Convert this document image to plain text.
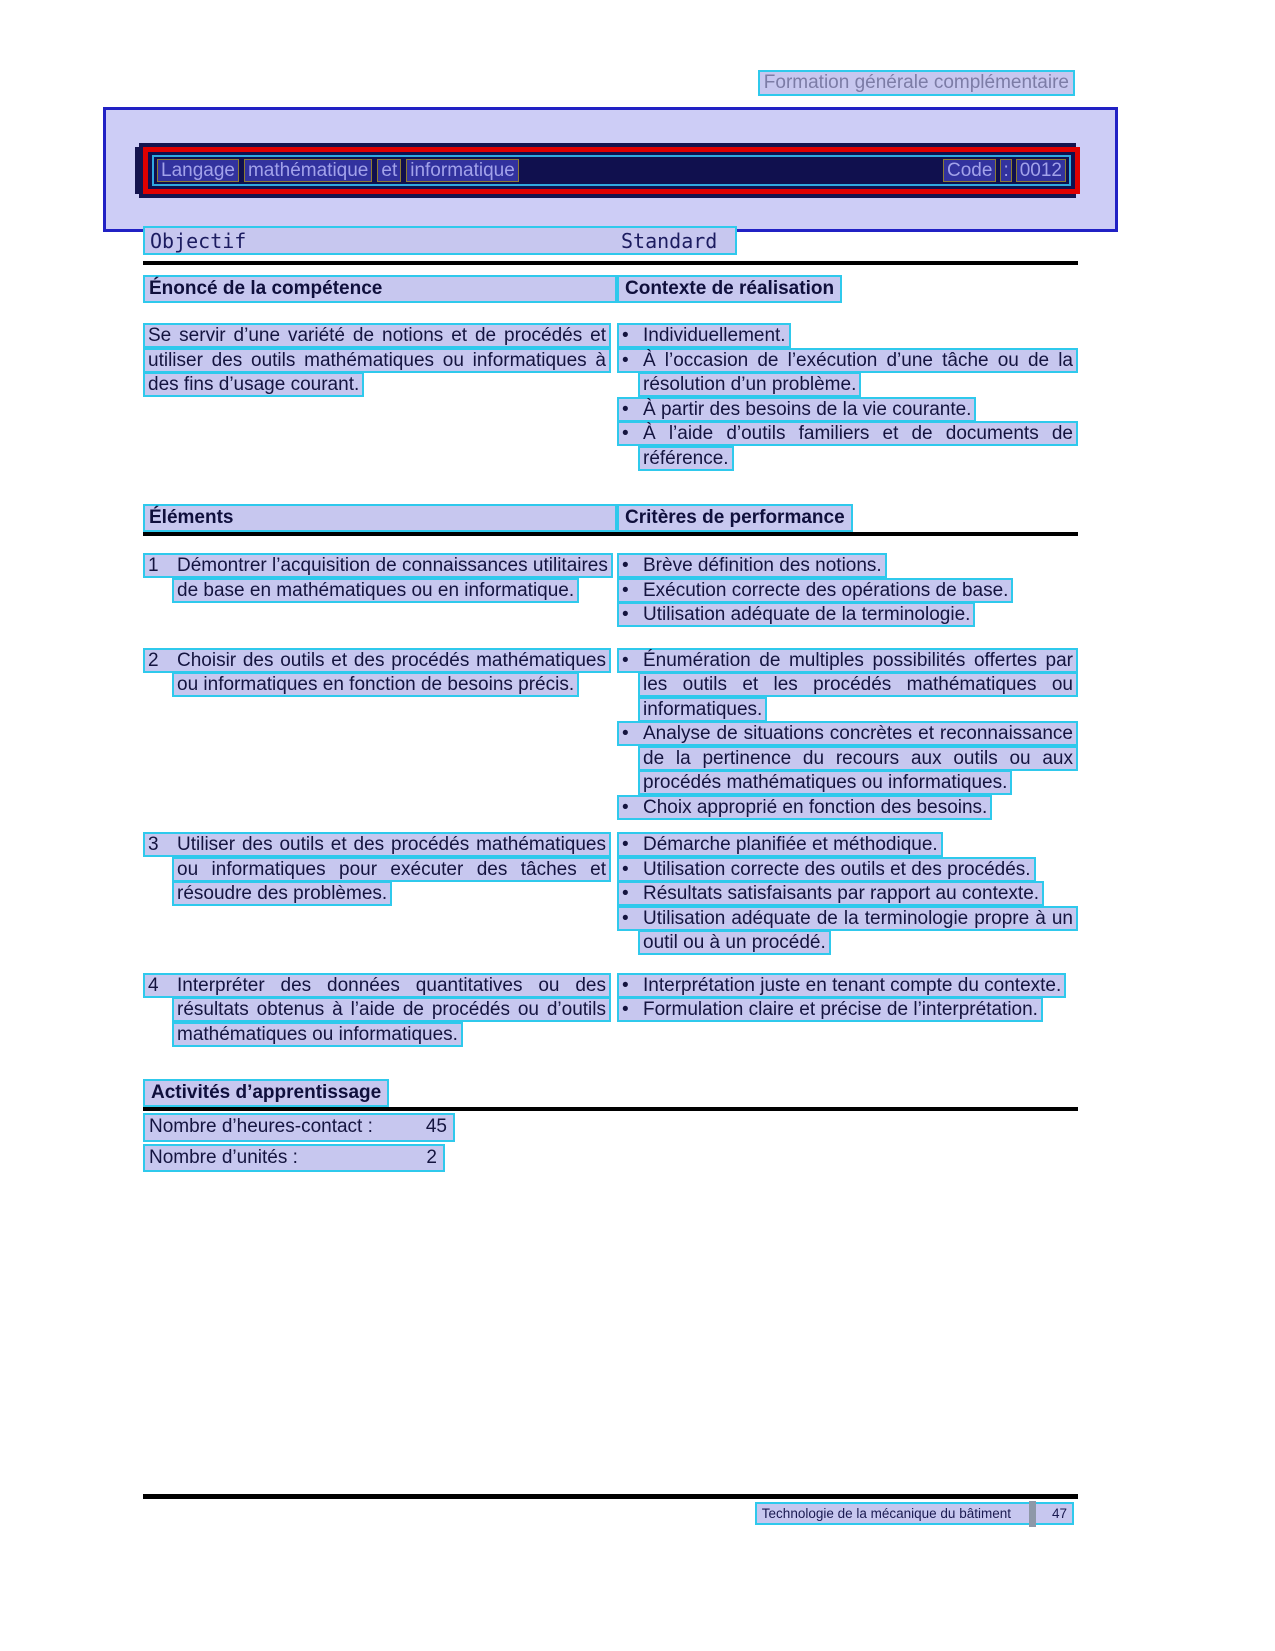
Formation générale complémentaire
Langage mathématique et informatique	Code : 0012
Objectif	Standard
Énoncé de la compétence	Contexte de réalisation

Se servir d’une variété de notions et de procédés et utiliser des outils mathématiques ou informatiques à des fins d’usage courant.

• Individuellement.

• À l’occasion de l’exécution d’une tâche ou de la résolution d’un problème.

• À partir des besoins de la vie courante.

• À l’aide d’outils familiers et de documents de référence.

Éléments	Critères de performance

1 Démontrer l’acquisition de connaissances utilitaires de base en mathématiques ou en informatique.

• Brève définition des notions.

• Exécution correcte des opérations de base.

• Utilisation adéquate de la terminologie.

2 Choisir des outils et des procédés mathématiques ou informatiques en fonction de besoins précis.

• Énumération de multiples possibilités offertes par les outils et les procédés mathématiques ou informatiques.

• Analyse de situations concrètes et reconnaissance de la pertinence du recours aux outils ou aux procédés mathématiques ou informatiques.

• Choix approprié en fonction des besoins.

3 Utiliser des outils et des procédés mathématiques ou informatiques pour exécuter des tâches et résoudre des problèmes.

• Démarche planifiée et méthodique.

• Utilisation correcte des outils et des procédés.

• Résultats satisfaisants par rapport au contexte.

• Utilisation adéquate de la terminologie propre à un outil ou à un procédé.

4 Interpréter des données quantitatives ou des résultats obtenus à l’aide de procédés ou d’outils mathématiques ou informatiques.

• Interprétation juste en tenant compte du contexte.

• Formulation claire et précise de l’interprétation.

Activités d’apprentissage
Nombre d’heures-contact :	45
Nombre d’unités :	2
Technologie de la mécanique du bâtiment	47
